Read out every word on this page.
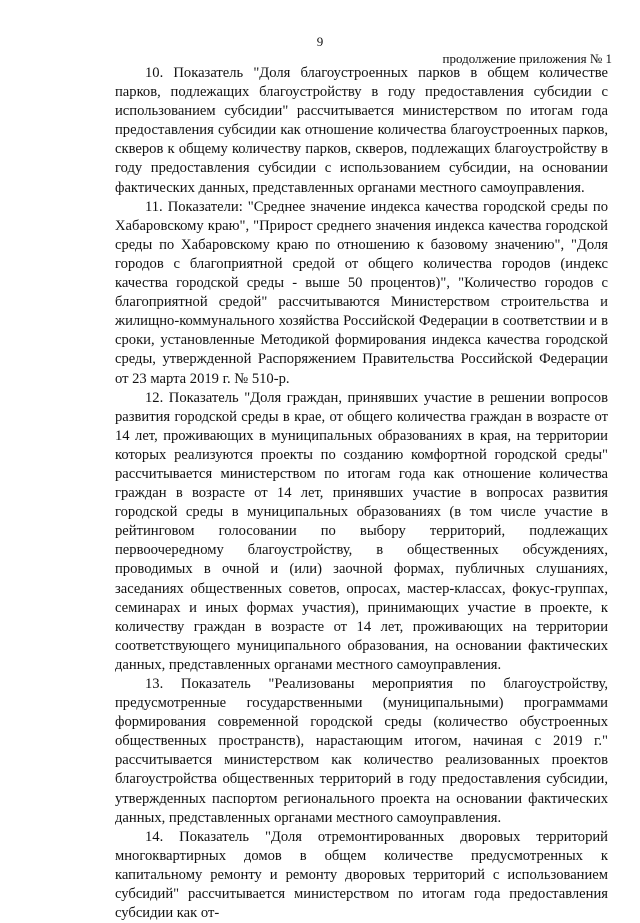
9
продолжение приложения № 1

10. Показатель "Доля благоустроенных парков в общем количестве парков, подлежащих благоустройству в году предоставления субсидии с использованием субсидии" рассчитывается министерством по итогам года предоставления субсидии как отношение количества благоустроенных парков, скверов к общему количеству парков, скверов, подлежащих благоустройству в году предоставления субсидии с использованием субсидии, на основании фактических данных, представленных органами местного самоуправления.

11. Показатели: "Среднее значение индекса качества городской среды по Хабаровскому краю", "Прирост среднего значения индекса качества городской среды по Хабаровскому краю по отношению к базовому значению", "Доля городов с благоприятной средой от общего количества городов (индекс качества городской среды - выше 50 процентов)", "Количество городов с благоприятной средой" рассчитываются Министерством строительства и жилищно-коммунального хозяйства Российской Федерации в соответствии и в сроки, установленные Методикой формирования индекса качества городской среды, утвержденной Распоряжением Правительства Российской Федерации от 23 марта 2019 г. № 510-р.

12. Показатель "Доля граждан, принявших участие в решении вопросов развития городской среды в крае, от общего количества граждан в возрасте от 14 лет, проживающих в муниципальных образованиях в края, на территории которых реализуются проекты по созданию комфортной городской среды" рассчитывается министерством по итогам года как отношение количества граждан в возрасте от 14 лет, принявших участие в вопросах развития городской среды в муниципальных образованиях (в том числе участие в рейтинговом голосовании по выбору территорий, подлежащих первоочередному благоустройству, в общественных обсуждениях, проводимых в очной и (или) заочной формах, публичных слушаниях, заседаниях общественных советов, опросах, мастер-классах, фокус-группах, семинарах и иных формах участия), принимающих участие в проекте, к количеству граждан в возрасте от 14 лет, проживающих на территории соответствующего муниципального образования, на основании фактических данных, представленных органами местного самоуправления.

13. Показатель "Реализованы мероприятия по благоустройству, предусмотренные государственными (муниципальными) программами формирования современной городской среды (количество обустроенных общественных пространств), нарастающим итогом, начиная с 2019 г." рассчитывается министерством как количество реализованных проектов благоустройства общественных территорий в году предоставления субсидии, утвержденных паспортом регионального проекта на основании фактических данных, представленных органами местного самоуправления.

14. Показатель "Доля отремонтированных дворовых территорий многоквартирных домов в общем количестве предусмотренных к капитальному ремонту и ремонту дворовых территорий с использованием субсидий" рассчитывается министерством по итогам года предоставления субсидии как от-
